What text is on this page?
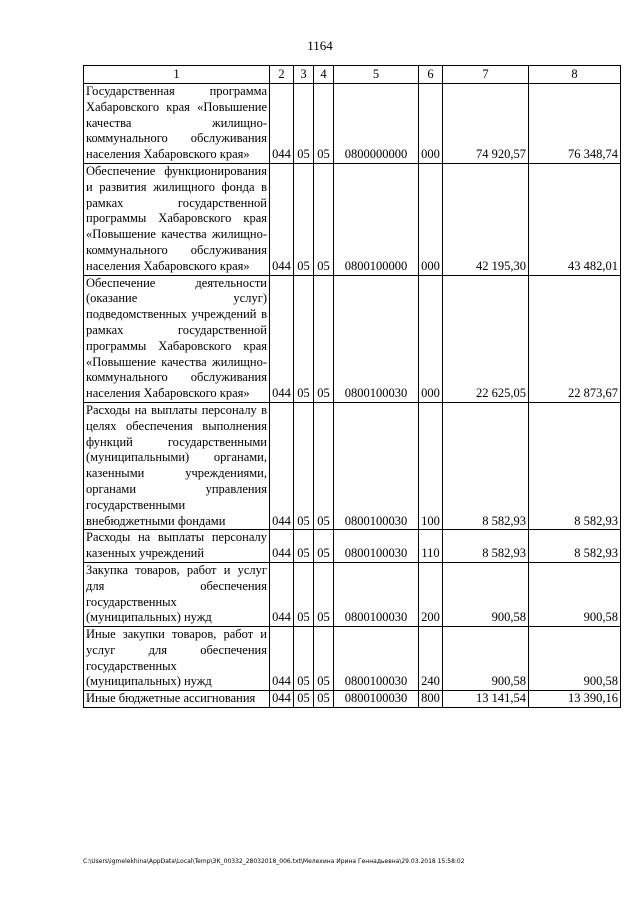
1164
1	2	3	4	5	6	7	8
Государственная программа Хабаровского края «Повышение качества жилищно-коммунального обслуживания населения Хабаровского края»	044	05	05	0800000000	000	74 920,57	76 348,74
Обеспечение функционирования и развития жилищного фонда в рамках государственной программы Хабаровского края «Повышение качества жилищно-коммунального обслуживания населения Хабаровского края»	044	05	05	0800100000	000	42 195,30	43 482,01
Обеспечение деятельности (оказание услуг) подведомственных учреждений в рамках государственной программы Хабаровского края «Повышение качества жилищно-коммунального обслуживания населения Хабаровского края»	044	05	05	0800100030	000	22 625,05	22 873,67
Расходы на выплаты персоналу в целях обеспечения выполнения функций государственными (муниципальными) органами, казенными учреждениями, органами управления государственными внебюджетными фондами	044	05	05	0800100030	100	8 582,93	8 582,93
Расходы на выплаты персоналу казенных учреждений	044	05	05	0800100030	110	8 582,93	8 582,93
Закупка товаров, работ и услуг для обеспечения государственных (муниципальных) нужд	044	05	05	0800100030	200	900,58	900,58
Иные закупки товаров, работ и услуг для обеспечения государственных (муниципальных) нужд	044	05	05	0800100030	240	900,58	900,58
Иные бюджетные ассигнования	044	05	05	0800100030	800	13 141,54	13 390,16
C:\Users\igmelekhina\AppData\Local\Temp\ЗК_00332_28032018_006.txt\Мелехина Ирина Геннадьевна\29.03.2018 15:58:02
